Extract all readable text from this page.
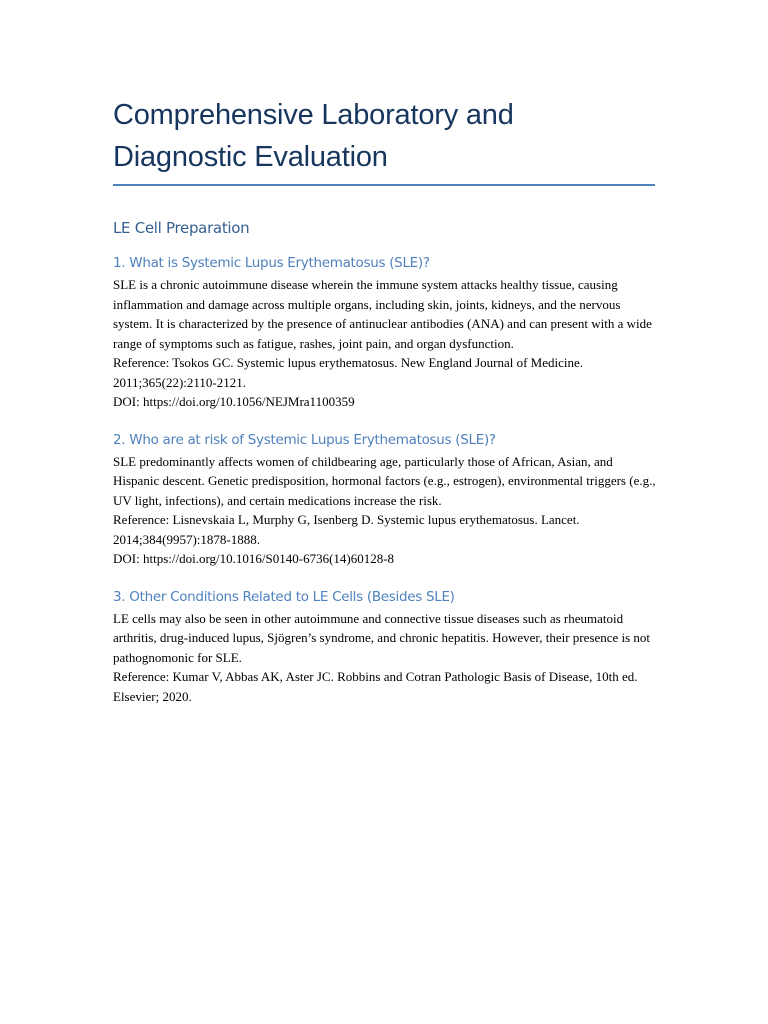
Comprehensive Laboratory and
Diagnostic Evaluation
LE Cell Preparation
1. What is Systemic Lupus Erythematosus (SLE)?

SLE is a chronic autoimmune disease wherein the immune system attacks healthy tissue, causing inflammation and damage across multiple organs, including skin, joints, kidneys, and the nervous system. It is characterized by the presence of antinuclear antibodies (ANA) and can present with a wide range of symptoms such as fatigue, rashes, joint pain, and organ dysfunction.

Reference: Tsokos GC. Systemic lupus erythematosus. New England Journal of Medicine. 2011;365(22):2110-2121.

DOI: https://doi.org/10.1056/NEJMra1100359

2. Who are at risk of Systemic Lupus Erythematosus (SLE)?

SLE predominantly affects women of childbearing age, particularly those of African, Asian, and Hispanic descent. Genetic predisposition, hormonal factors (e.g., estrogen), environmental triggers (e.g., UV light, infections), and certain medications increase the risk.

Reference: Lisnevskaia L, Murphy G, Isenberg D. Systemic lupus erythematosus. Lancet. 2014;384(9957):1878-1888.

DOI: https://doi.org/10.1016/S0140-6736(14)60128-8

3. Other Conditions Related to LE Cells (Besides SLE)

LE cells may also be seen in other autoimmune and connective tissue diseases such as rheumatoid arthritis, drug-induced lupus, Sjögren’s syndrome, and chronic hepatitis. However, their presence is not pathognomonic for SLE.

Reference: Kumar V, Abbas AK, Aster JC. Robbins and Cotran Pathologic Basis of Disease, 10th ed. Elsevier; 2020.
